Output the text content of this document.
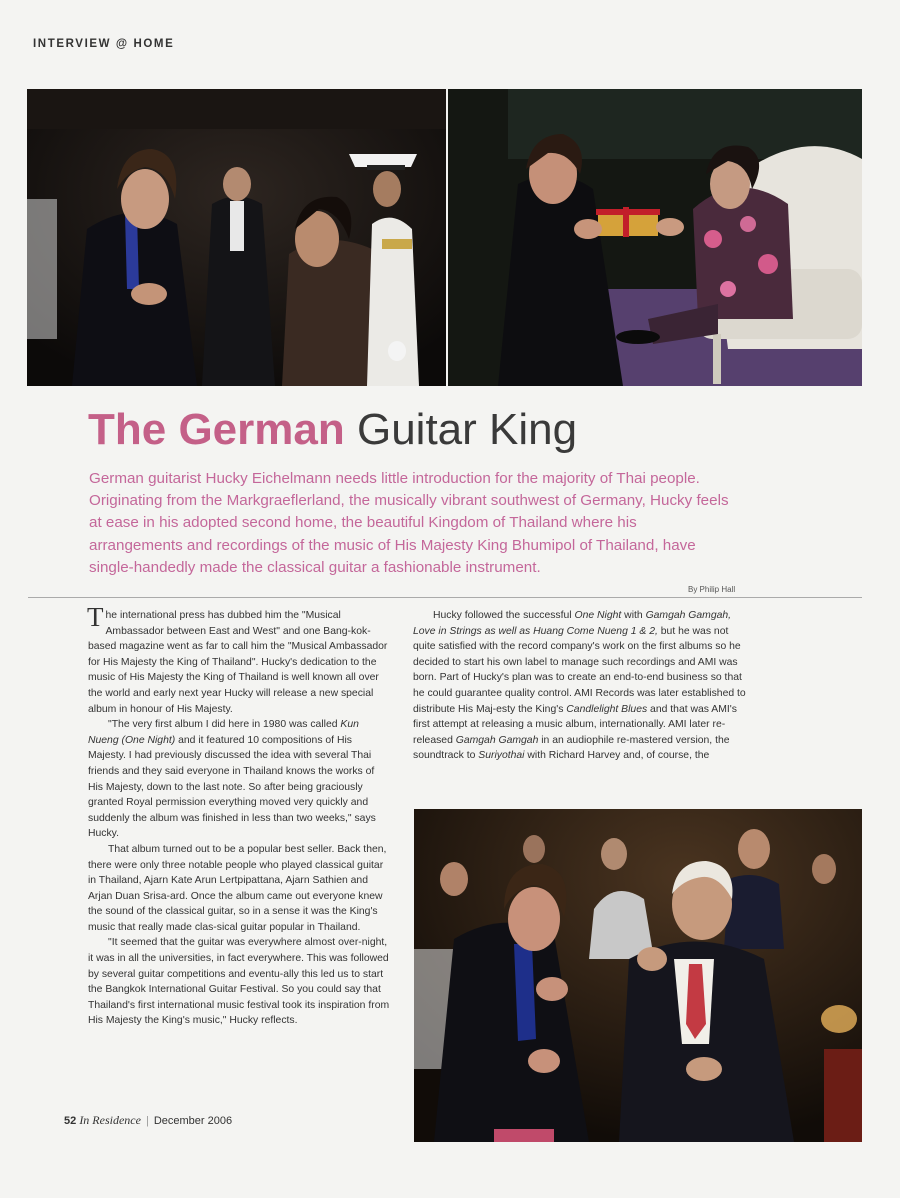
INTERVIEW @ HOME
The German Guitar King
German guitarist Hucky Eichelmann needs little introduction for the majority of Thai people. Originating from the Markgraeflerland, the musically vibrant southwest of Germany, Hucky feels at ease in his adopted second home, the beautiful Kingdom of Thailand where his arrangements and recordings of the music of His Majesty King Bhumipol of Thailand, have single-handedly made the classical guitar a fashionable instrument.
By Philip Hall

The international press has dubbed him the "Musical Ambassador between East and West" and one Bang-kok-based magazine went as far to call him the "Musical Ambassador for His Majesty the King of Thailand". Hucky's dedication to the music of His Majesty the King of Thailand is well known all over the world and early next year Hucky will release a new special album in honour of His Majesty.

"The very first album I did here in 1980 was called Kun Nueng (One Night) and it featured 10 compositions of His Majesty. I had previously discussed the idea with several Thai friends and they said everyone in Thailand knows the works of His Majesty, down to the last note. So after being graciously granted Royal permission everything moved very quickly and suddenly the album was finished in less than two weeks," says Hucky.

That album turned out to be a popular best seller. Back then, there were only three notable people who played classical guitar in Thailand, Ajarn Kate Arun Lertpipattana, Ajarn Sathien and Arjan Duan Srisa-ard. Once the album came out everyone knew the sound of the classical guitar, so in a sense it was the King's music that really made clas-sical guitar popular in Thailand.

"It seemed that the guitar was everywhere almost over-night, it was in all the universities, in fact everywhere. This was followed by several guitar competitions and eventu-ally this led us to start the Bangkok International Guitar Festival. So you could say that Thailand's first international music festival took its inspiration from His Majesty the King's music," Hucky reflects.

Hucky followed the successful One Night with Gamgah Gamgah, Love in Strings as well as Huang Come Nueng 1 & 2, but he was not quite satisfied with the record company's work on the first albums so he decided to start his own label to manage such recordings and AMI was born. Part of Hucky's plan was to create an end-to-end business so that he could guarantee quality control. AMI Records was later established to distribute His Maj-esty the King's Candlelight Blues and that was AMI's first attempt at releasing a music album, internationally. AMI later re-released Gamgah Gamgah in an audiophile re-mastered version, the soundtrack to Suriyothai with Richard Harvey and, of course, the

52 In Residence | December 2006
